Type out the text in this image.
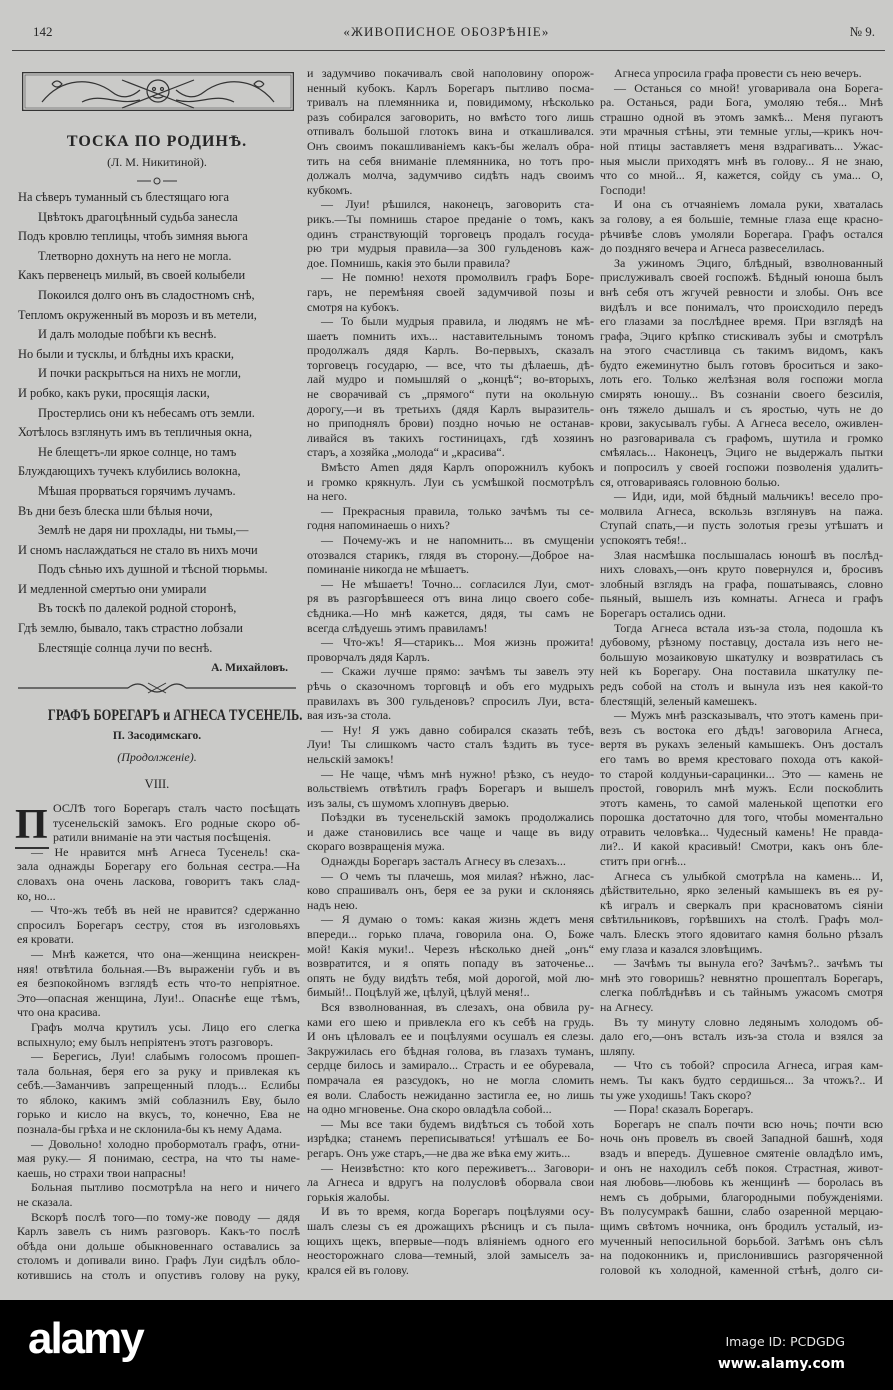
142	«ЖИВОПИСНОЕ ОБОЗРѢНІЕ»	№ 9.
ТОСКА ПО РОДИНѢ.
(Л. М. Никитиной).
На сѣверъ туманный съ блестящаго юга
Цвѣтокъ драгоцѣнный судьба занесла
Подъ кровлю теплицы, чтобъ зимняя вьюга
Тлетворно дохнуть на него не могла.
Какъ первенецъ милый, въ своей колыбели
Покоился долго онъ въ сладостномъ снѣ,
Тепломъ окруженный въ морозъ и въ метели,
И далъ молодые побѣги къ веснѣ.
Но были и тусклы, и блѣдны ихъ краски,
И почки раскрыться на нихъ не могли,
И робко, какъ руки, просящія ласки,
Простерлись они къ небесамъ отъ земли.
Хотѣлось взглянуть имъ въ тепличныя окна,
Не блещетъ-ли яркое солнце, но тамъ
Блуждающихъ тучекъ клубились волокна,
Мѣшая прорваться горячимъ лучамъ.
Въ дни безъ блеска шли бѣлыя ночи,
Землѣ не даря ни прохлады, ни тьмы,—
И сномъ наслаждаться не стало въ нихъ мочи
Подъ сѣнью ихъ душной и тѣсной тюрьмы.
И медленной смертью они умирали
Въ тоскѣ по далекой родной сторонѣ,
Гдѣ землю, бывало, такъ страстно лобзали
Блестящіе солнца лучи по веснѣ.
А. Михайловъ.
ГРАФЪ БОРЕГАРЪ и АГНЕСА ТУСЕНЕЛЬ.
П. Засодимскаго.
(Продолженіе).
VIII.
П ОСЛѢ того Борегаръ сталъ часто посѣщать
тусенельскій замокъ. Его родные скоро об-
ратили вниманіе на эти частыя посѣщенія.
— Не нравится мнѣ Агнеса Тусенель! ска-
зала однажды Борегару его больная сестра.—На
словахъ она очень ласкова, говоритъ такъ слад-
ко, но...
— Что-жъ тебѣ въ ней не нравится? сдержанно
спросилъ Борегаръ сестру, стоя въ изголовьяхъ
ея кровати.
— Мнѣ кажется, что она—женщина неискрен-
няя! отвѣтила больная.—Въ выраженіи губъ и въ
ея безпокойномъ взглядѣ есть что-то непріятное.
Это—опасная женщина, Луи!.. Опаснѣе еще тѣмъ,
что она красива.
Графъ молча крутилъ усы. Лицо его слегка
вспыхнуло; ему былъ непріятенъ этотъ разговоръ.
— Берегись, Луи! слабымъ голосомъ прошеп-
тала больная, беря его за руку и привлекая къ
себѣ.—Заманчивъ запрещенный плодъ... Еслибы
то яблоко, какимъ змій соблазнилъ Еву, было
горько и кисло на вкусъ, то, конечно, Ева не
познала-бы грѣха и не склонила-бы къ нему Адама.
— Довольно! холодно пробормоталъ графъ, отни-
мая руку.— Я понимаю, сестра, на что ты наме-
каешь, но страхи твои напрасны!
Больная пытливо посмотрѣла на него и ничего
не сказала.
Вскорѣ послѣ того—по тому-же поводу — дядя
Карлъ завелъ съ нимъ разговоръ. Какъ-то послѣ
обѣда они дольше обыкновеннаго оставались за
столомъ и допивали вино. Графъ Луи сидѣлъ обло-
котившись на столъ и опустивъ голову на руку,
и задумчиво покачивалъ свой наполовину опорож-
ненный кубокъ. Карлъ Борегаръ пытливо посма-
тривалъ на племянника и, повидимому, нѣсколько
разъ собирался заговорить, но вмѣсто того лишь
отпивалъ большой глотокъ вина и откашливался.
Онъ своимъ покашливаніемъ какъ-бы желалъ обра-
тить на себя вниманіе племянника, но тотъ про-
должалъ молча, задумчиво сидѣть надъ своимъ
кубкомъ.
— Луи! рѣшился, наконецъ, заговорить ста-
рикъ.—Ты помнишь старое преданіе о томъ, какъ
одинъ странствующій торговецъ продалъ госуда-
рю три мудрыя правила—за 300 гульденовъ каж-
дое. Помнишь, какія это были правила?
— Не помню! нехотя промолвилъ графъ Боре-
гаръ, не перемѣняя своей задумчивой позы и
смотря на кубокъ.
— То были мудрыя правила, и людямъ не мѣ-
шаетъ помнить ихъ... наставительнымъ тономъ
продолжалъ дядя Карлъ. Во-первыхъ, сказалъ
торговецъ государю, — все, что ты дѣлаешь, дѣ-
лай мудро и помышляй о „концѣ“; во-вторыхъ,
не сворачивай съ „прямого“ пути на окольную
дорогу,—и въ третьихъ (дядя Карлъ выразитель-
но приподнялъ брови) поздно ночью не останав-
ливайся въ такихъ гостиницахъ, гдѣ хозяинъ
старъ, а хозяйка „молода“ и „красива“.
Вмѣсто Amen дядя Карлъ опорожнилъ кубокъ
и громко крякнулъ. Луи съ усмѣшкой посмотрѣлъ
на него.
— Прекрасныя правила, только зачѣмъ ты се-
годня напоминаешь о нихъ?
— Почему-жъ и не напомнить... въ смущеніи
отозвался старикъ, глядя въ сторону.—Доброе на-
поминаніе никогда не мѣшаетъ.
— Не мѣшаетъ! Точно... согласился Луи, смот-
ря въ разгорѣвшееся отъ вина лицо своего собе-
сѣдника.—Но мнѣ кажется, дядя, ты самъ не
всегда слѣдуешь этимъ правиламъ!
— Что-жъ! Я—старикъ... Моя жизнь прожита!
проворчалъ дядя Карлъ.
— Скажи лучше прямо: зачѣмъ ты завелъ эту
рѣчь о сказочномъ торговцѣ и объ его мудрыхъ
правилахъ въ 300 гульденовъ? спросилъ Луи, вста-
вая изъ-за стола.
— Ну! Я ужъ давно собирался сказать тебѣ,
Луи! Ты слишкомъ часто сталъ ѣздить въ тусе-
нельскій замокъ!
— Не чаще, чѣмъ мнѣ нужно! рѣзко, съ неудо-
вольствіемъ отвѣтилъ графъ Борегаръ и вышелъ
изъ залы, съ шумомъ хлопнувъ дверью.
Поѣздки въ тусенельскій замокъ продолжались
и даже становились все чаще и чаще въ виду
скораго возвращенія мужа.
Однажды Борегаръ засталъ Агнесу въ слезахъ...
— О чемъ ты плачешь, моя милая? нѣжно, лас-
ково спрашивалъ онъ, беря ее за руки и склоняясь
надъ нею.
— Я думаю о томъ: какая жизнь ждетъ меня
впереди... горько плача, говорила она. О, Боже
мой! Какія муки!.. Черезъ нѣсколько дней „онъ“
возвратится, и я опять попаду въ заточенье...
опять не буду видѣть тебя, мой дорогой, мой лю-
бимый!.. Поцѣлуй же, цѣлуй, цѣлуй меня!..
Вся взволнованная, въ слезахъ, она обвила ру-
ками его шею и привлекла его къ себѣ на грудь.
И онъ цѣловалъ ее и поцѣлуями осушалъ ея слезы.
Закружилась его бѣдная голова, въ глазахъ туманъ,
сердце билось и замирало... Страсть и ее обуревала,
помрачала ея разсудокъ, но не могла сломить
ея воли. Слабость нежиданно застигла ее, но лишь
на одно мгновенье. Она скоро овладѣла собой...
— Мы все таки будемъ видѣться съ тобой хоть
изрѣдка; станемъ переписываться! утѣшалъ ее Бо-
регаръ. Онъ уже старъ,—не два же вѣка ему жить...
— Неизвѣстно: кто кого переживетъ... Заговори-
ла Агнеса и вдругъ на полусловѣ оборвала свои
горькія жалобы.
И въ то время, когда Борегаръ поцѣлуями осу-
шалъ слезы съ ея дрожащихъ рѣсницъ и съ пыла-
ющихъ щекъ, впервые—подъ вліяніемъ одного его
неосторожнаго слова—темный, злой замыселъ за-
крался ей въ голову.
Агнеса упросила графа провести съ нею вечеръ.
— Останься со мной! уговаривала она Борега-
ра. Останься, ради Бога, умоляю тебя... Мнѣ
страшно одной въ этомъ замкѣ... Меня пугаютъ
эти мрачныя стѣны, эти темные углы,—крикъ ноч-
ной птицы заставляетъ меня вздрагивать... Ужас-
ныя мысли приходятъ мнѣ въ голову... Я не знаю,
что со мной... Я, кажется, сойду съ ума... О,
Господи!
И она съ отчаяніемъ ломала руки, хваталась
за голову, а ея большіе, темные глаза еще красно-
рѣчивѣе словъ умоляли Борегара. Графъ остался
до поздняго вечера и Агнеса развеселилась.
За ужиномъ Эциго, блѣдный, взволнованный
прислуживалъ своей госпожѣ. Бѣдный юноша былъ
внѣ себя отъ жгучей ревности и злобы. Онъ все
видѣлъ и все понималъ, что происходило передъ
его глазами за послѣднее время. При взглядѣ на
графа, Эциго крѣпко стискивалъ зубы и смотрѣлъ
на этого счастливца съ такимъ видомъ, какъ
будто ежеминутно былъ готовъ броситься и зако-
лоть его. Только желѣзная воля госпожи могла
смирять юношу... Въ сознаніи своего безсилія,
онъ тяжело дышалъ и съ яростью, чуть не до
крови, закусывалъ губы. А Агнеса весело, оживлен-
но разговаривала съ графомъ, шутила и громко
смѣялась... Наконецъ, Эциго не выдержалъ пытки
и попросилъ у своей госпожи позволенія удалить-
ся, отговариваясь головною болью.
— Иди, иди, мой бѣдный мальчикъ! весело про-
молвила Агнеса, вскользь взглянувъ на пажа.
Ступай спать,—и пусть золотыя грезы утѣшатъ и
успокоятъ тебя!..
Злая насмѣшка послышалась юношѣ въ послѣд-
нихъ словахъ,—онъ круто повернулся и, бросивъ
злобный взглядъ на графа, пошатываясь, словно
пьяный, вышелъ изъ комнаты. Агнеса и графъ
Борегаръ остались одни.
Тогда Агнеса встала изъ-за стола, подошла къ
дубовому, рѣзному поставцу, достала изъ него не-
большую мозаиковую шкатулку и возвратилась съ
ней къ Борегару. Она поставила шкатулку пе-
редъ собой на столъ и вынула изъ нея какой-то
блестящій, зеленый камешекъ.
— Мужъ мнѣ разсказывалъ, что этотъ камень при-
везъ съ востока его дѣдъ! заговорила Агнеса,
вертя въ рукахъ зеленый камышекъ. Онъ досталъ
его тамъ во время крестоваго похода отъ какой-
то старой колдуньи-сарацинки... Это — камень не
простой, говорилъ мнѣ мужъ. Если поскоблить
этотъ камень, то самой маленькой щепотки его
порошка достаточно для того, чтобы моментально
отравить человѣка... Чудесный камень! Не правда-
ли?.. И какой красивый! Смотри, какъ онъ бле-
ститъ при огнѣ...
Агнеса съ улыбкой смотрѣла на камень... И,
дѣйствительно, ярко зеленый камышекъ въ ея ру-
кѣ игралъ и сверкалъ при красноватомъ сіяніи
свѣтильниковъ, горѣвшихъ на столѣ. Графъ мол-
чалъ. Блескъ этого ядовитаго камня больно рѣзалъ
ему глаза и казался зловѣщимъ.
— Зачѣмъ ты вынула его? Зачѣмъ?.. зачѣмъ ты
мнѣ это говоришь? невнятно прошепталъ Борегаръ,
слегка поблѣднѣвъ и съ тайнымъ ужасомъ смотря
на Агнесу.
Въ ту минуту словно ледянымъ холодомъ об-
дало его,—онъ всталъ изъ-за стола и взялся за
шляпу.
— Что съ тобой? спросила Агнеса, играя кам-
немъ. Ты какъ будто сердишься... За чтожъ?.. И
ты уже уходишь! Такъ скоро?
— Пора! сказалъ Борегаръ.
Борегаръ не спалъ почти всю ночь; почти всю
ночь онъ провелъ въ своей Западной башнѣ, ходя
взадъ и впередъ. Душевное смятеніе овладѣло имъ,
и онъ не находилъ себѣ покоя. Страстная, живот-
ная любовь—любовь къ женщинѣ — боролась въ
немъ съ добрыми, благородными побужденіями.
Въ полусумракѣ башни, слабо озаренной мерцаю-
щимъ свѣтомъ ночника, онъ бродилъ усталый, из-
мученный непосильной борьбой. Затѣмъ онъ сѣлъ
на подоконникъ и, прислонившись разгоряченной
головой къ холодной, каменной стѣнѣ, долго си-
alamy	Image ID: PCDGDG
www.alamy.com
